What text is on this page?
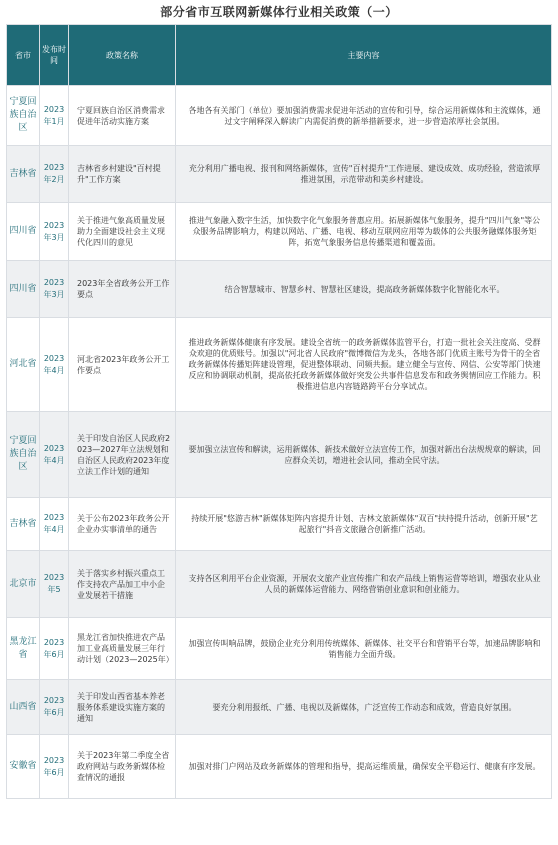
部分省市互联网新媒体行业相关政策（一）
省市	发布时间	政策名称	主要内容
宁夏回族自治区	2023年1月	宁夏回族自治区消费需求促进年活动实施方案	各地各有关部门（单位）要加强消费需求促进年活动的宣传和引导，综合运用新媒体和主流媒体，通过文字阐释深入解读广内需促消费的新举措新要求，进一步营造浓厚社会氛围。
吉林省	2023年2月	吉林省乡村建设"百村提升"工作方案	充分利用广播电视、报刊和网络新媒体，宣传"百村提升"工作进展、建设成效、成功经验，营造浓厚推进氛围，示范带动和美乡村建设。
四川省	2023年3月	关于推进气象高质量发展助力全面建设社会主义现代化四川的意见	推进气象融入数字生活，加快数字化气象服务普惠应用。拓展新媒体气象服务，提升"四川气象"等公众服务品牌影响力，构建以网站、广播、电视、移动互联网应用等为载体的公共服务融媒体服务矩阵，拓宽气象服务信息传播渠道和覆盖面。
四川省	2023年3月	2023年全省政务公开工作要点	结合智慧城市、智慧乡村、智慧社区建设，提高政务新媒体数字化智能化水平。
河北省	2023年4月	河北省2023年政务公开工作要点	推进政务新媒体健康有序发展。建设全省统一的政务新媒体监管平台，打造一批社会关注度高、受群众欢迎的优质账号。加强以"河北省人民政府"微博微信为龙头，各地各部门优质主账号为骨干的全省政务新媒体传播矩阵建设管理，促进整体联动、同频共振。建立健全与宣传、网信、公安等部门快速反应和协调联动机制，提高依托政务新媒体做好突发公共事件信息发布和政务舆情回应工作能力。积极推进信息内容链路跨平台分享试点。
宁夏回族自治区	2023年4月	关于印发自治区人民政府2023—2027年立法规划和自治区人民政府2023年度立法工作计划的通知	要加强立法宣传和解读，运用新媒体、新技术做好立法宣传工作，加强对新出台法规规章的解读，回应群众关切，增进社会认同，推动全民守法。
吉林省	2023年4月	关于公布2023年政务公开企业办实事清单的通告	持续开展"悠游吉林"新媒体矩阵内容提升计划、吉林文旅新媒体"双百"扶持提升活动，创新开展"艺起旅行"抖音文旅融合创新推广活动。
北京市	2023年5	关于落实乡村振兴重点工作支持农产品加工中小企业发展若干措施	支持各区利用平台企业资源，开展农文旅产业宣传推广和农产品线上销售运营等培训，增强农业从业人员的新媒体运营能力、网络营销创业意识和创业能力。
黑龙江省	2023年6月	黑龙江省加快推进农产品加工业高质量发展三年行动计划（2023—2025年）	加强宣传叫响品牌，鼓励企业充分利用传统媒体、新媒体、社交平台和营销平台等，加速品牌影响和销售能力全面升级。
山西省	2023年6月	关于印发山西省基本养老服务体系建设实施方案的通知	要充分利用报纸、广播、电视以及新媒体，广泛宣传工作动态和成效，营造良好氛围。
安徽省	2023年6月	关于2023年第二季度全省政府网站与政务新媒体检查情况的通报	加强对排门户网站及政务新媒体的管理和指导，提高运维质量，确保安全平稳运行、健康有序发展。
